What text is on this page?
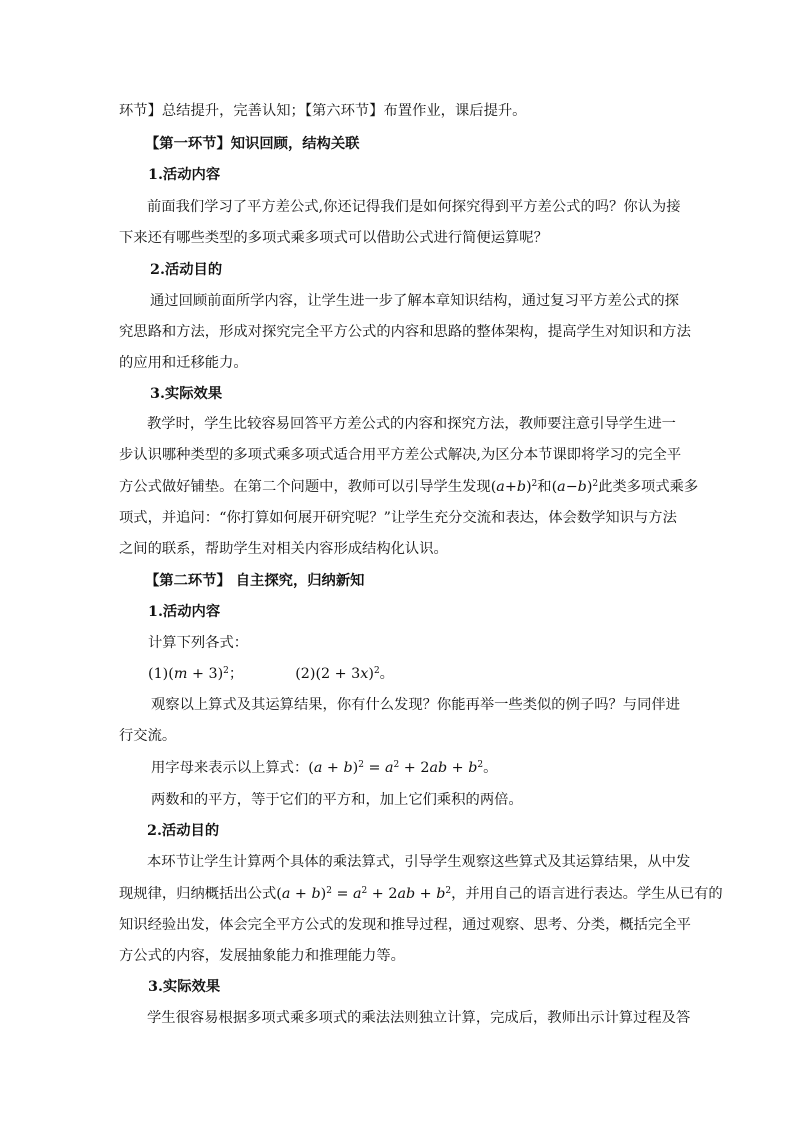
环节】总结提升，完善认知；【第六环节】布置作业，课后提升。
【第一环节】知识回顾，结构关联
1.活动内容
前面我们学习了平方差公式,你还记得我们是如何探究得到平方差公式的吗？你认为接
下来还有哪些类型的多项式乘多项式可以借助公式进行简便运算呢？
2.活动目的
通过回顾前面所学内容，让学生进一步了解本章知识结构，通过复习平方差公式的探
究思路和方法，形成对探究完全平方公式的内容和思路的整体架构，提高学生对知识和方法
的应用和迁移能力。
3.实际效果
教学时，学生比较容易回答平方差公式的内容和探究方法，教师要注意引导学生进一
步认识哪种类型的多项式乘多项式适合用平方差公式解决,为区分本节课即将学习的完全平
方公式做好铺垫。在第二个问题中，教师可以引导学生发现$(a+b)^2$和$(a-b)^2$此类多项式乘多
项式，并追问：“你打算如何展开研究呢？”让学生充分交流和表达，体会数学知识与方法
之间的联系，帮助学生对相关内容形成结构化认识。
【第二环节】 自主探究，归纳新知
1.活动内容
计算下列各式：
$(1)(m + 3)^2$；	$(2)(2 + 3x)^2$。
观察以上算式及其运算结果，你有什么发现？你能再举一些类似的例子吗？与同伴进
行交流。
用字母来表示以上算式：$(a + b)^2 = a^2 + 2ab + b^2$。
两数和的平方，等于它们的平方和，加上它们乘积的两倍。
2.活动目的
本环节让学生计算两个具体的乘法算式，引导学生观察这些算式及其运算结果，从中发
现规律，归纳概括出公式$(a + b)^2 = a^2 + 2ab + b^2$，并用自己的语言进行表达。学生从已有的
知识经验出发，体会完全平方公式的发现和推导过程，通过观察、思考、分类，概括完全平
方公式的内容，发展抽象能力和推理能力等。
3.实际效果
学生很容易根据多项式乘多项式的乘法法则独立计算，完成后，教师出示计算过程及答
